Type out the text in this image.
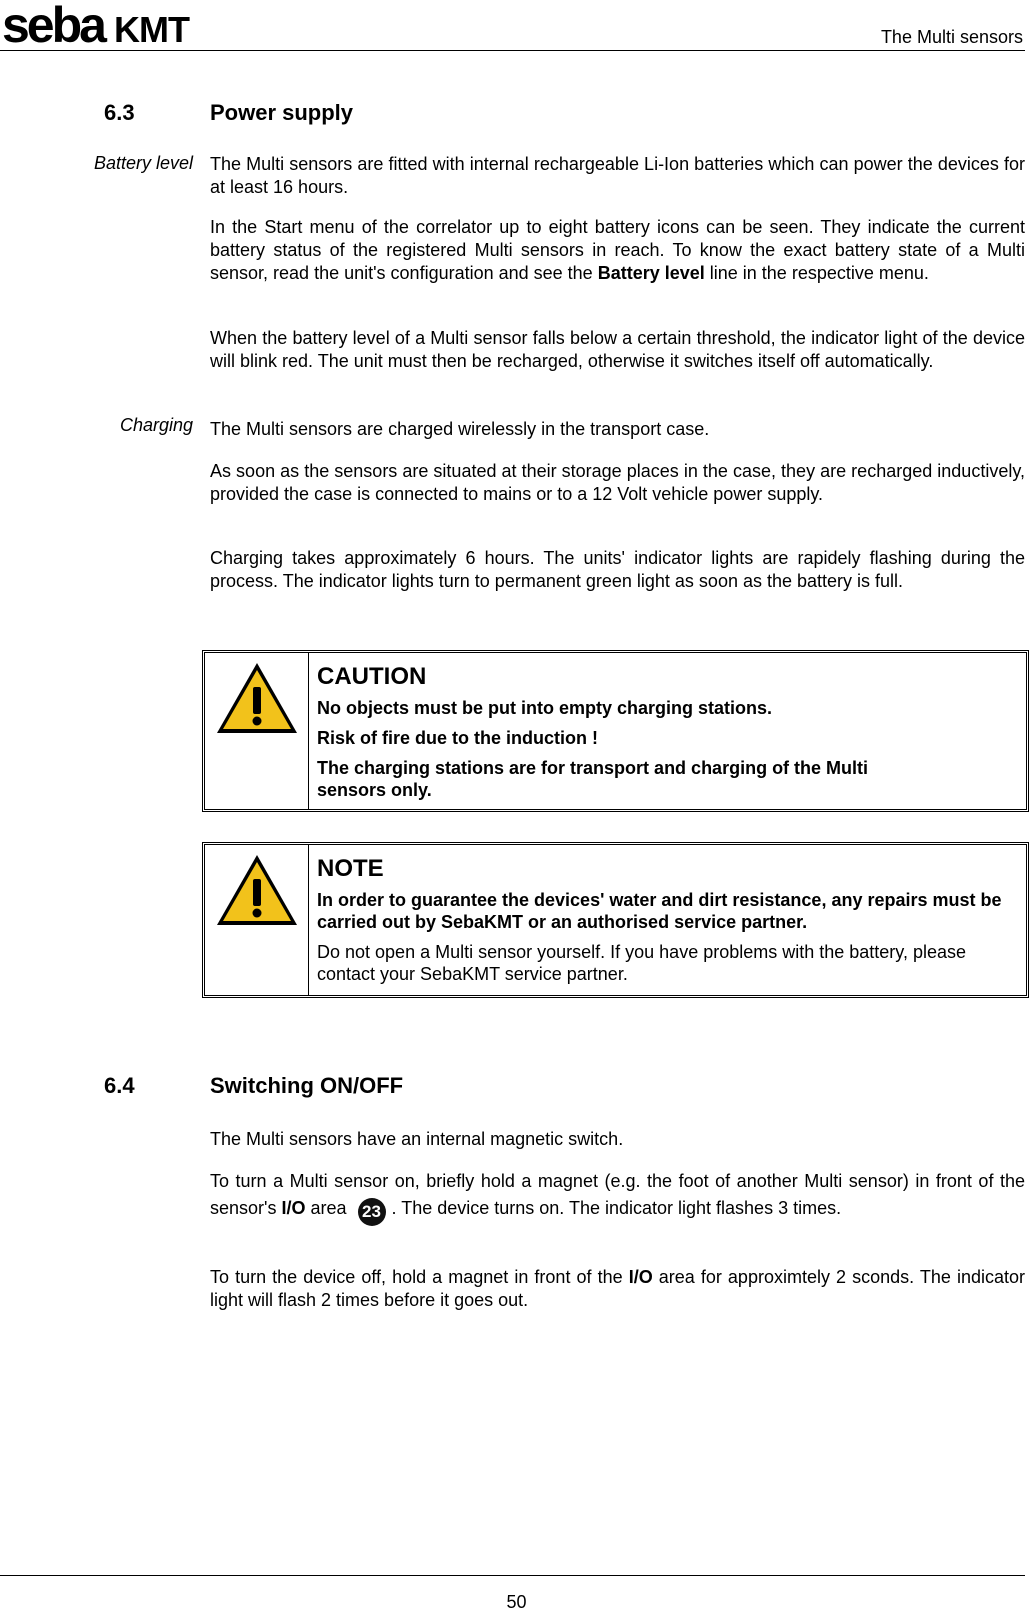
seba KMT	The Multi sensors
6.3	Power supply
Battery level The Multi sensors are fitted with internal rechargeable Li-Ion batteries which can power the devices for at least 16 hours.

In the Start menu of the correlator up to eight battery icons can be seen. They indicate the current battery status of the registered Multi sensors in reach. To know the exact battery state of a Multi sensor, read the unit's configuration and see the Battery level line in the respective menu.

When the battery level of a Multi sensor falls below a certain threshold, the indicator light of the device will blink red. The unit must then be recharged, otherwise it switches itself off automatically.

Charging The Multi sensors are charged wirelessly in the transport case.

As soon as the sensors are situated at their storage places in the case, they are recharged inductively, provided the case is connected to mains or to a 12 Volt vehicle power supply.

Charging takes approximately 6 hours. The units' indicator lights are rapidely flashing during the process. The indicator lights turn to permanent green light as soon as the battery is full.

CAUTION

No objects must be put into empty charging stations.

Risk of fire due to the induction !

The charging stations are for transport and charging of the Multi sensors only.

NOTE

In order to guarantee the devices' water and dirt resistance, any repairs must be carried out by SebaKMT or an authorised service partner.

Do not open a Multi sensor yourself. If you have problems with the battery, please contact your SebaKMT service partner.

6.4	Switching ON/OFF

The Multi sensors have an internal magnetic switch.

To turn a Multi sensor on, briefly hold a magnet (e.g. the foot of another Multi sensor) in front of the sensor's I/O area 23 . The device turns on. The indicator light flashes 3 times.

To turn the device off, hold a magnet in front of the I/O area for approximtely 2 sconds. The indicator light will flash 2 times before it goes out.

50
